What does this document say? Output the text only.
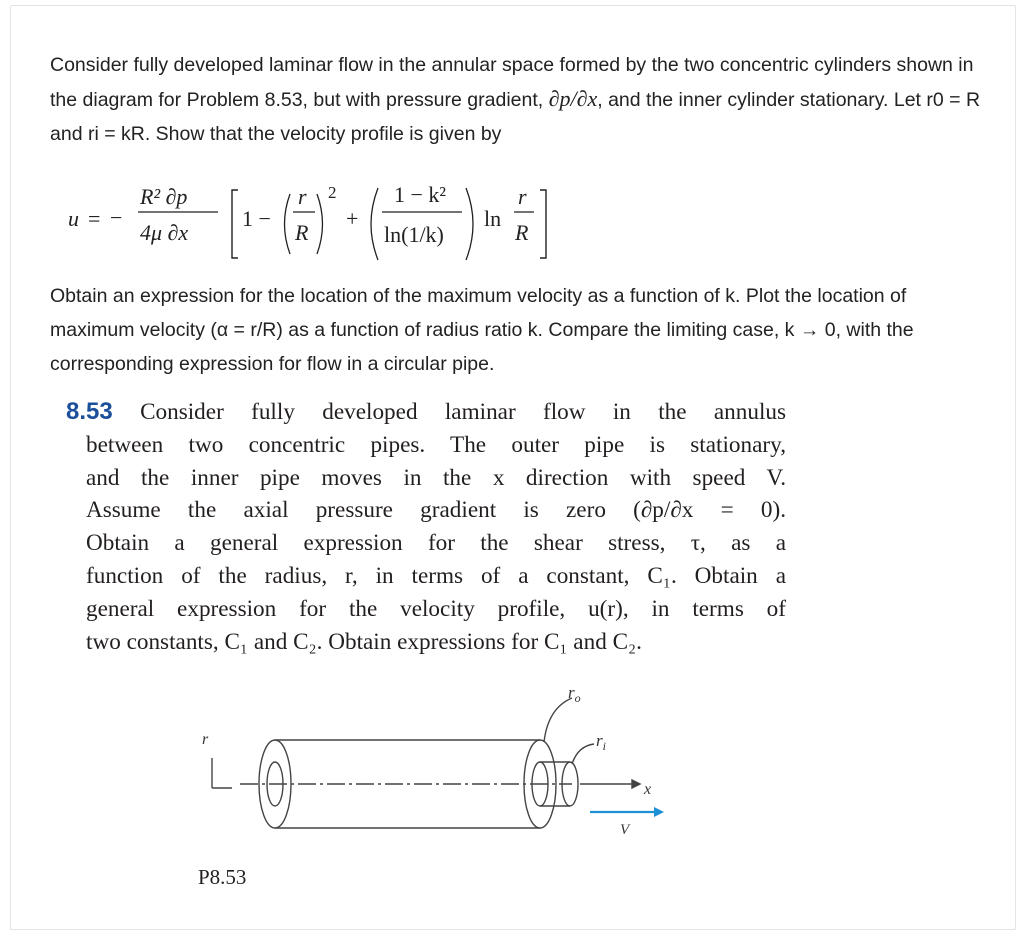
Consider fully developed laminar flow in the annular space formed by the two concentric cylinders shown in the diagram for Problem 8.53, but with pressure gradient, ∂p/∂x, and the inner cylinder stationary. Let r0 = R and ri = kR. Show that the velocity profile is given by
u = −
R² ∂p
4μ ∂x
1 −
r
R
2
+
1 − k²
ln(1/k)
ln
r
R
Obtain an expression for the location of the maximum velocity as a function of k. Plot the location of maximum velocity (α = r/R) as a function of radius ratio k. Compare the limiting case, k → 0, with the corresponding expression for flow in a circular pipe.
8.53 Consider fully developed laminar flow in the annulus
between two concentric pipes. The outer pipe is stationary,
and the inner pipe moves in the x direction with speed V.
Assume the axial pressure gradient is zero (∂p/∂x = 0).
Obtain a general expression for the shear stress, τ, as a
function of the radius, r, in terms of a constant, C₁. Obtain a
general expression for the velocity profile, u(r), in terms of
two constants, C₁ and C₂. Obtain expressions for C₁ and C₂.
r
$r_o$
$r_i$
x
V
P8.53
